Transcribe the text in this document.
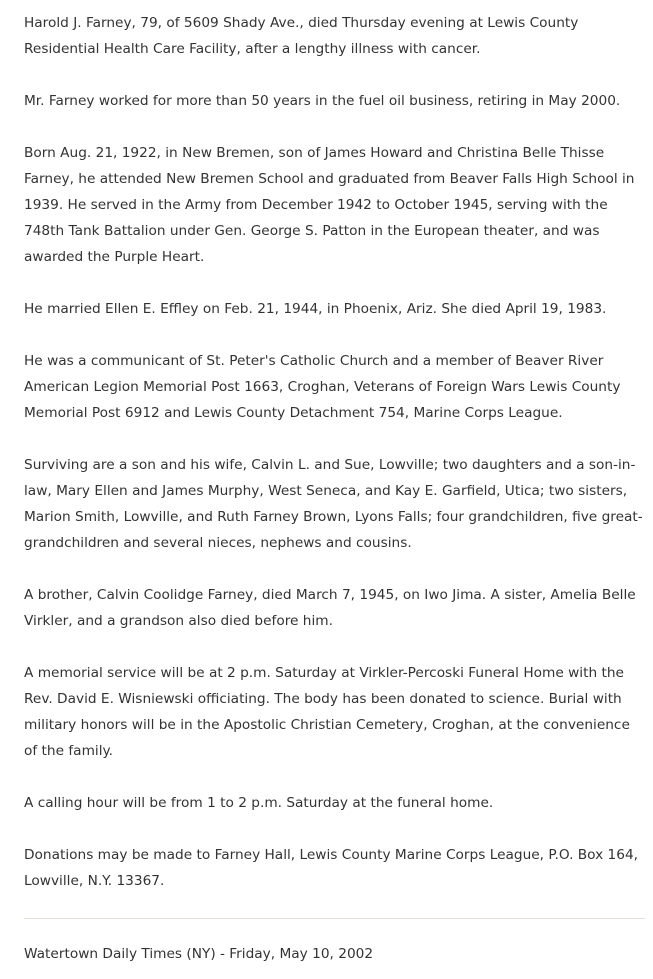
Harold J. Farney, 79, of 5609 Shady Ave., died Thursday evening at Lewis County Residential Health Care Facility, after a lengthy illness with cancer.

Mr. Farney worked for more than 50 years in the fuel oil business, retiring in May 2000.

Born Aug. 21, 1922, in New Bremen, son of James Howard and Christina Belle Thisse Farney, he attended New Bremen School and graduated from Beaver Falls High School in 1939. He served in the Army from December 1942 to October 1945, serving with the 748th Tank Battalion under Gen. George S. Patton in the European theater, and was awarded the Purple Heart.

He married Ellen E. Effley on Feb. 21, 1944, in Phoenix, Ariz. She died April 19, 1983.

He was a communicant of St. Peter's Catholic Church and a member of Beaver River American Legion Memorial Post 1663, Croghan, Veterans of Foreign Wars Lewis County Memorial Post 6912 and Lewis County Detachment 754, Marine Corps League.

Surviving are a son and his wife, Calvin L. and Sue, Lowville; two daughters and a son-in-law, Mary Ellen and James Murphy, West Seneca, and Kay E. Garfield, Utica; two sisters, Marion Smith, Lowville, and Ruth Farney Brown, Lyons Falls; four grandchildren, five great-grandchildren and several nieces, nephews and cousins.

A brother, Calvin Coolidge Farney, died March 7, 1945, on Iwo Jima. A sister, Amelia Belle Virkler, and a grandson also died before him.

A memorial service will be at 2 p.m. Saturday at Virkler-Percoski Funeral Home with the Rev. David E. Wisniewski officiating. The body has been donated to science. Burial with military honors will be in the Apostolic Christian Cemetery, Croghan, at the convenience of the family.

A calling hour will be from 1 to 2 p.m. Saturday at the funeral home.

Donations may be made to Farney Hall, Lewis County Marine Corps League, P.O. Box 164, Lowville, N.Y. 13367.

Watertown Daily Times (NY) - Friday, May 10, 2002
